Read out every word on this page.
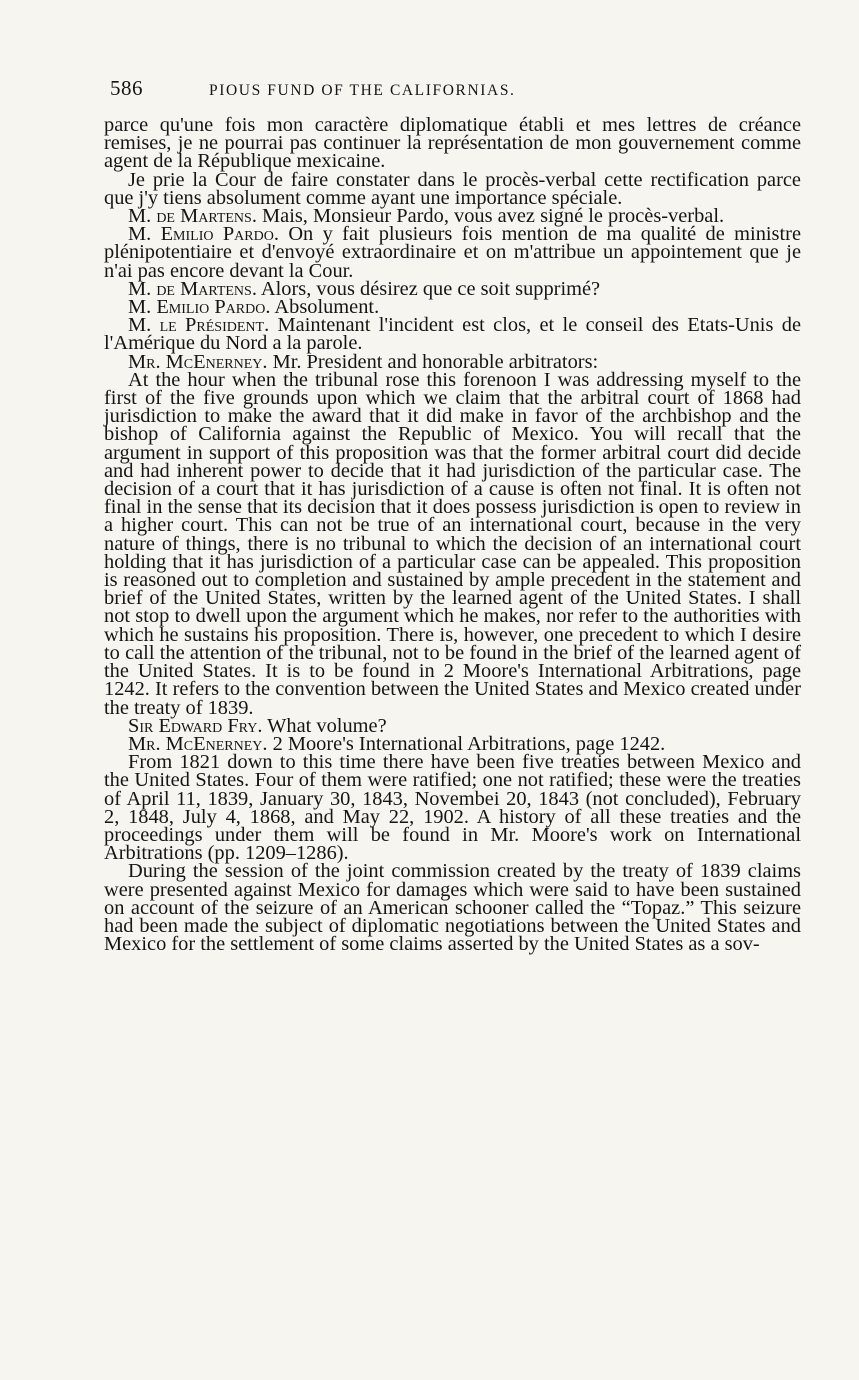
586	PIOUS FUND OF THE CALIFORNIAS.

parce qu'une fois mon caractère diplomatique établi et mes lettres de créance remises, je ne pourrai pas continuer la représentation de mon gouvernement comme agent de la République mexicaine.

Je prie la Cour de faire constater dans le procès-verbal cette rectification parce que j'y tiens absolument comme ayant une importance spéciale.

M. de Martens. Mais, Monsieur Pardo, vous avez signé le procès-verbal.

M. Emilio Pardo. On y fait plusieurs fois mention de ma qualité de ministre plénipotentiaire et d'envoyé extraordinaire et on m'attribue un appointement que je n'ai pas encore devant la Cour.

M. de Martens. Alors, vous désirez que ce soit supprimé?

M. Emilio Pardo. Absolument.

M. le Président. Maintenant l'incident est clos, et le conseil des Etats-Unis de l'Amérique du Nord a la parole.

Mr. McEnerney. Mr. President and honorable arbitrators:

At the hour when the tribunal rose this forenoon I was addressing myself to the first of the five grounds upon which we claim that the arbitral court of 1868 had jurisdiction to make the award that it did make in favor of the archbishop and the bishop of California against the Republic of Mexico. You will recall that the argument in support of this proposition was that the former arbitral court did decide and had inherent power to decide that it had jurisdiction of the particular case. The decision of a court that it has jurisdiction of a cause is often not final. It is often not final in the sense that its decision that it does possess jurisdiction is open to review in a higher court. This can not be true of an international court, because in the very nature of things, there is no tribunal to which the decision of an international court holding that it has jurisdiction of a particular case can be appealed. This proposition is reasoned out to completion and sustained by ample precedent in the statement and brief of the United States, written by the learned agent of the United States. I shall not stop to dwell upon the argument which he makes, nor refer to the authorities with which he sustains his proposition. There is, however, one precedent to which I desire to call the attention of the tribunal, not to be found in the brief of the learned agent of the United States. It is to be found in 2 Moore's International Arbitrations, page 1242. It refers to the convention between the United States and Mexico created under the treaty of 1839.

Sir Edward Fry. What volume?

Mr. McEnerney. 2 Moore's International Arbitrations, page 1242.

From 1821 down to this time there have been five treaties between Mexico and the United States. Four of them were ratified; one not ratified; these were the treaties of April 11, 1839, January 30, 1843, Novembei 20, 1843 (not concluded), February 2, 1848, July 4, 1868, and May 22, 1902. A history of all these treaties and the proceedings under them will be found in Mr. Moore's work on International Arbitrations (pp. 1209–1286).

During the session of the joint commission created by the treaty of 1839 claims were presented against Mexico for damages which were said to have been sustained on account of the seizure of an American schooner called the “Topaz.” This seizure had been made the subject of diplomatic negotiations between the United States and Mexico for the settlement of some claims asserted by the United States as a sov-
